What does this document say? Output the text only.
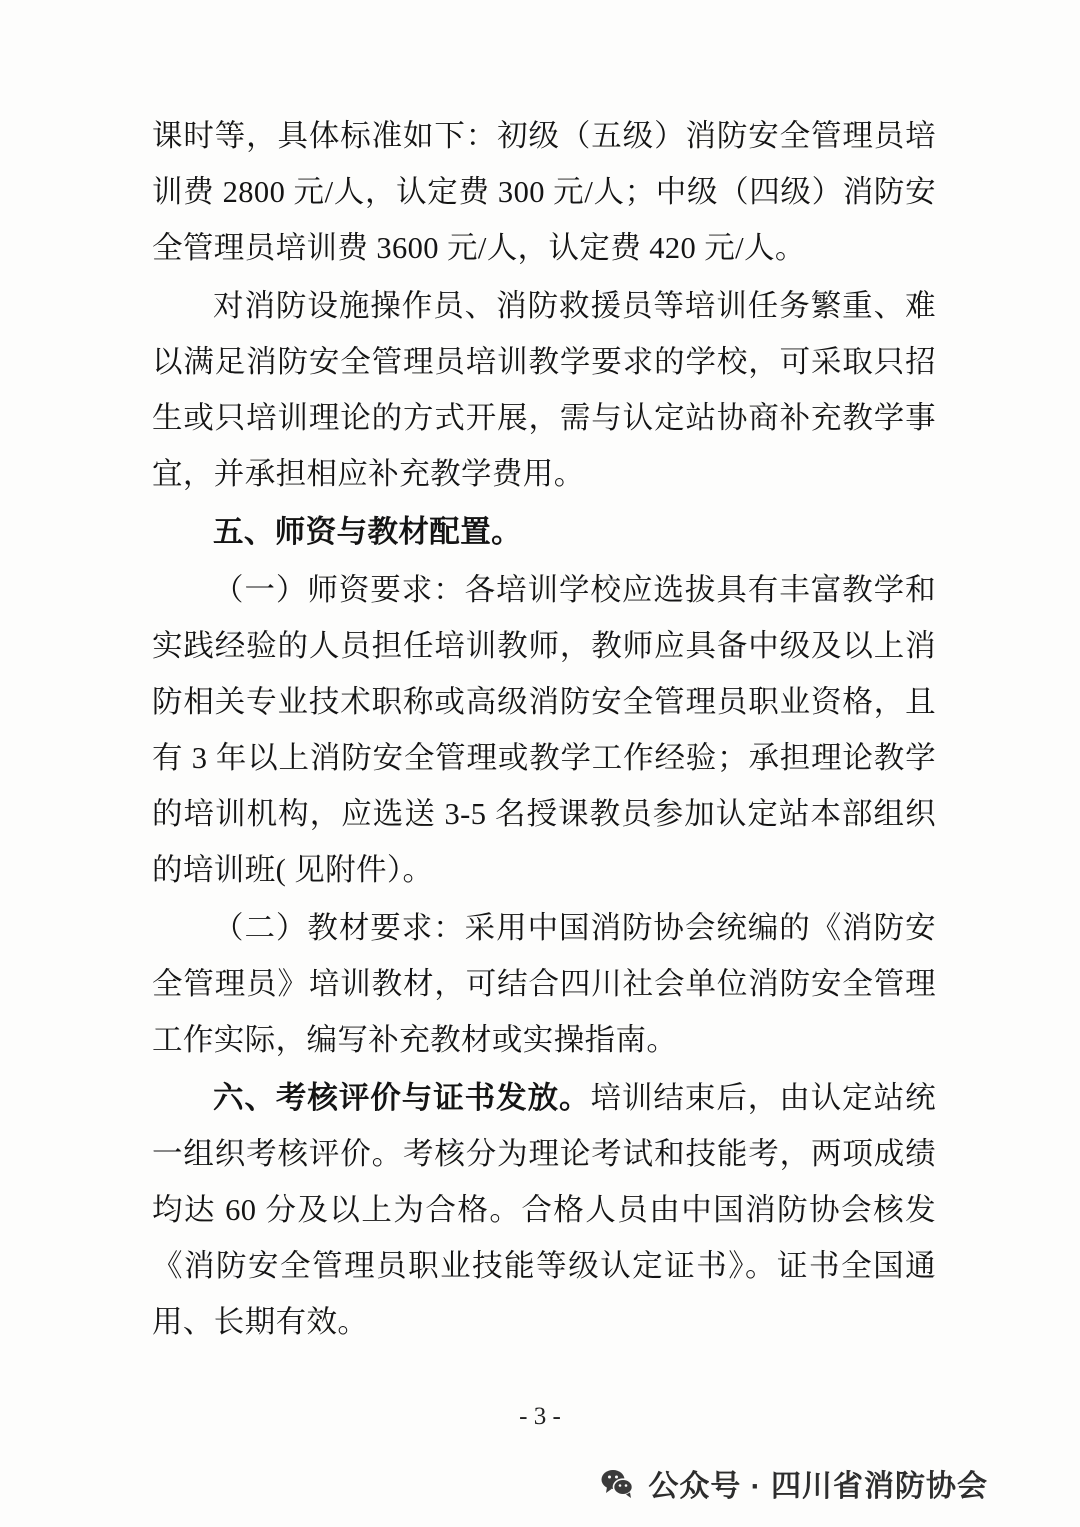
课时等，具体标准如下：初级（五级）消防安全管理员培训费 2800 元/人，认定费 300 元/人；中级（四级）消防安全管理员培训费 3600 元/人，认定费 420 元/人。

对消防设施操作员、消防救援员等培训任务繁重、难以满足消防安全管理员培训教学要求的学校，可采取只招生或只培训理论的方式开展，需与认定站协商补充教学事宜，并承担相应补充教学费用。

五、师资与教材配置。

（一）师资要求：各培训学校应选拔具有丰富教学和实践经验的人员担任培训教师，教师应具备中级及以上消防相关专业技术职称或高级消防安全管理员职业资格，且有 3 年以上消防安全管理或教学工作经验；承担理论教学的培训机构，应选送 3-5 名授课教员参加认定站本部组织的培训班( 见附件）。

（二）教材要求：采用中国消防协会统编的《消防安全管理员》培训教材，可结合四川社会单位消防安全管理工作实际，编写补充教材或实操指南。

六、考核评价与证书发放。培训结束后，由认定站统一组织考核评价。考核分为理论考试和技能考，两项成绩均达 60 分及以上为合格。合格人员由中国消防协会核发《消防安全管理员职业技能等级认定证书》。证书全国通用、长期有效。

- 3 -
公众号 · 四川省消防协会
